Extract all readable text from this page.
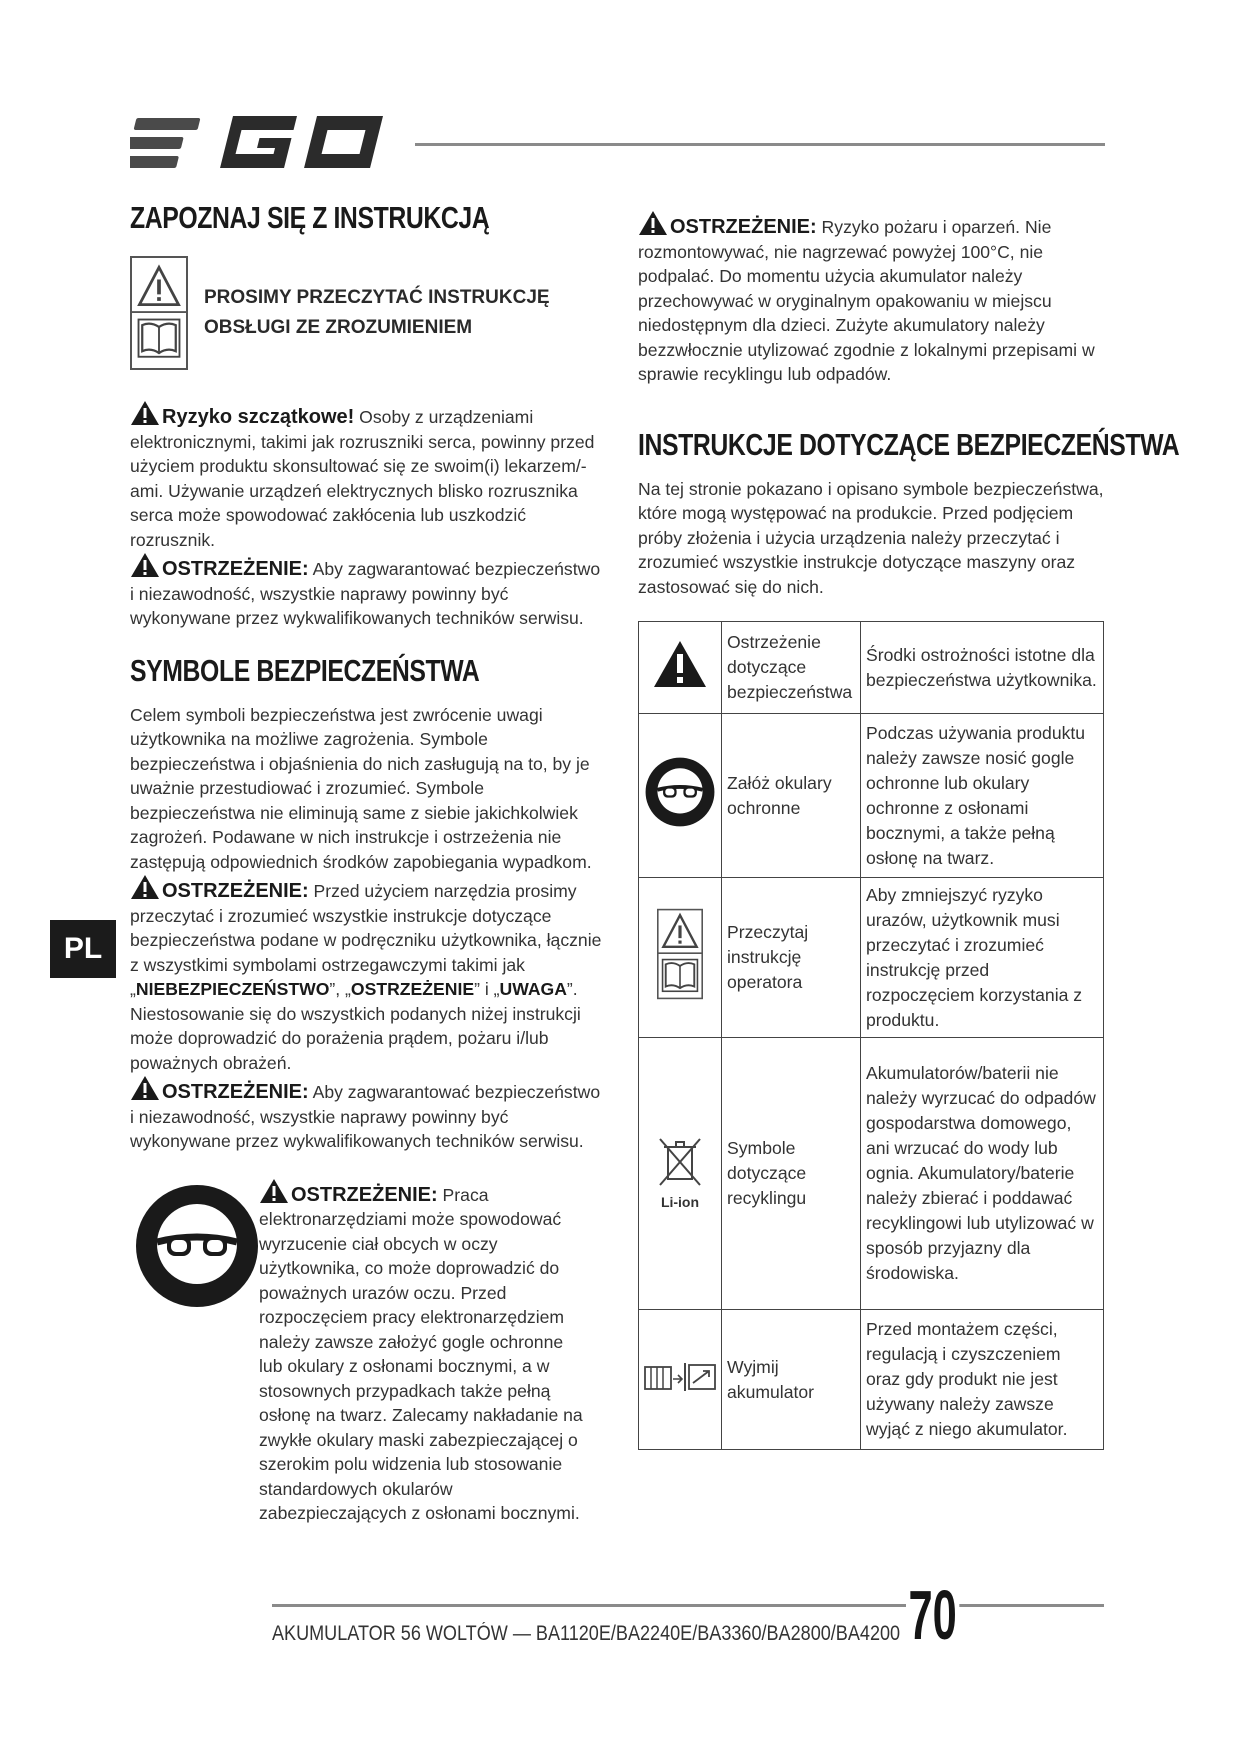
PL
ZAPOZNAJ SIĘ Z INSTRUKCJĄ
PROSIMY PRZECZYTAĆ INSTRUKCJĘ
OBSŁUGI ZE ZROZUMIENIEM

Ryzyko szczątkowe! Osoby z urządzeniami elektronicznymi, takimi jak rozruszniki serca, powinny przed użyciem produktu skonsultować się ze swoim(i) lekarzem/-ami. Używanie urządzeń elektrycznych blisko rozrusznika serca może spowodować zakłócenia lub uszkodzić rozrusznik.

OSTRZEŻENIE: Aby zagwarantować bezpieczeństwo i niezawodność, wszystkie naprawy powinny być wykonywane przez wykwalifikowanych techników serwisu.

SYMBOLE BEZPIECZEŃSTWA

Celem symboli bezpieczeństwa jest zwrócenie uwagi użytkownika na możliwe zagrożenia. Symbole bezpieczeństwa i objaśnienia do nich zasługują na to, by je uważnie przestudiować i zrozumieć. Symbole bezpieczeństwa nie eliminują same z siebie jakichkolwiek zagrożeń. Podawane w nich instrukcje i ostrzeżenia nie zastępują odpowiednich środków zapobiegania wypadkom.

OSTRZEŻENIE: Przed użyciem narzędzia prosimy przeczytać i zrozumieć wszystkie instrukcje dotyczące bezpieczeństwa podane w podręczniku użytkownika, łącznie z wszystkimi symbolami ostrzegawczymi takimi jak „NIEBEZPIECZEŃSTWO”, „OSTRZEŻENIE” i „UWAGA”. Niestosowanie się do wszystkich podanych niżej instrukcji może doprowadzić do porażenia prądem, pożaru i/lub poważnych obrażeń.

OSTRZEŻENIE: Aby zagwarantować bezpieczeństwo i niezawodność, wszystkie naprawy powinny być wykonywane przez wykwalifikowanych techników serwisu.

OSTRZEŻENIE: Praca elektronarzędziami może spowodować wyrzucenie ciał obcych w oczy użytkownika, co może doprowadzić do poważnych urazów oczu. Przed rozpoczęciem pracy elektronarzędziem należy zawsze założyć gogle ochronne lub okulary z osłonami bocznymi, a w stosownych przypadkach także pełną osłonę na twarz. Zalecamy nakładanie na zwykłe okulary maski zabezpieczającej o szerokim polu widzenia lub stosowanie standardowych okularów zabezpieczających z osłonami bocznymi.

OSTRZEŻENIE: Ryzyko pożaru i oparzeń. Nie rozmontowywać, nie nagrzewać powyżej 100°C, nie podpalać. Do momentu użycia akumulator należy przechowywać w oryginalnym opakowaniu w miejscu niedostępnym dla dzieci. Zużyte akumulatory należy bezzwłocznie utylizować zgodnie z lokalnymi przepisami w sprawie recyklingu lub odpadów.

INSTRUKCJE DOTYCZĄCE BEZPIECZEŃSTWA

Na tej stronie pokazano i opisano symbole bezpieczeństwa, które mogą występować na produkcie. Przed podjęciem próby złożenia i użycia urządzenia należy przeczytać i zrozumieć wszystkie instrukcje dotyczące maszyny oraz zastosować się do nich.

	Ostrzeżenie dotyczące bezpieczeństwa	Środki ostrożności istotne dla bezpieczeństwa użytkownika.
	Załóż okulary ochronne	Podczas używania produktu należy zawsze nosić gogle ochronne lub okulary ochronne z osłonami bocznymi, a także pełną osłonę na twarz.
	Przeczytaj instrukcję operatora	Aby zmniejszyć ryzyko urazów, użytkownik musi przeczytać i zrozumieć instrukcję przed rozpoczęciem korzystania z produktu.

Li-ion	Symbole dotyczące recyklingu	Akumulatorów/baterii nie należy wyrzucać do odpadów gospodarstwa domowego, ani wrzucać do wody lub ognia. Akumulatory/baterie należy zbierać i poddawać recyklingowi lub utylizować w sposób przyjazny dla środowiska.
	Wyjmij akumulator	Przed montażem części, regulacją i czyszczeniem oraz gdy produkt nie jest używany należy zawsze wyjąć z niego akumulator.
AKUMULATOR 56 WOLTÓW — BA1120E/BA2240E/BA3360/BA2800/BA4200 70
